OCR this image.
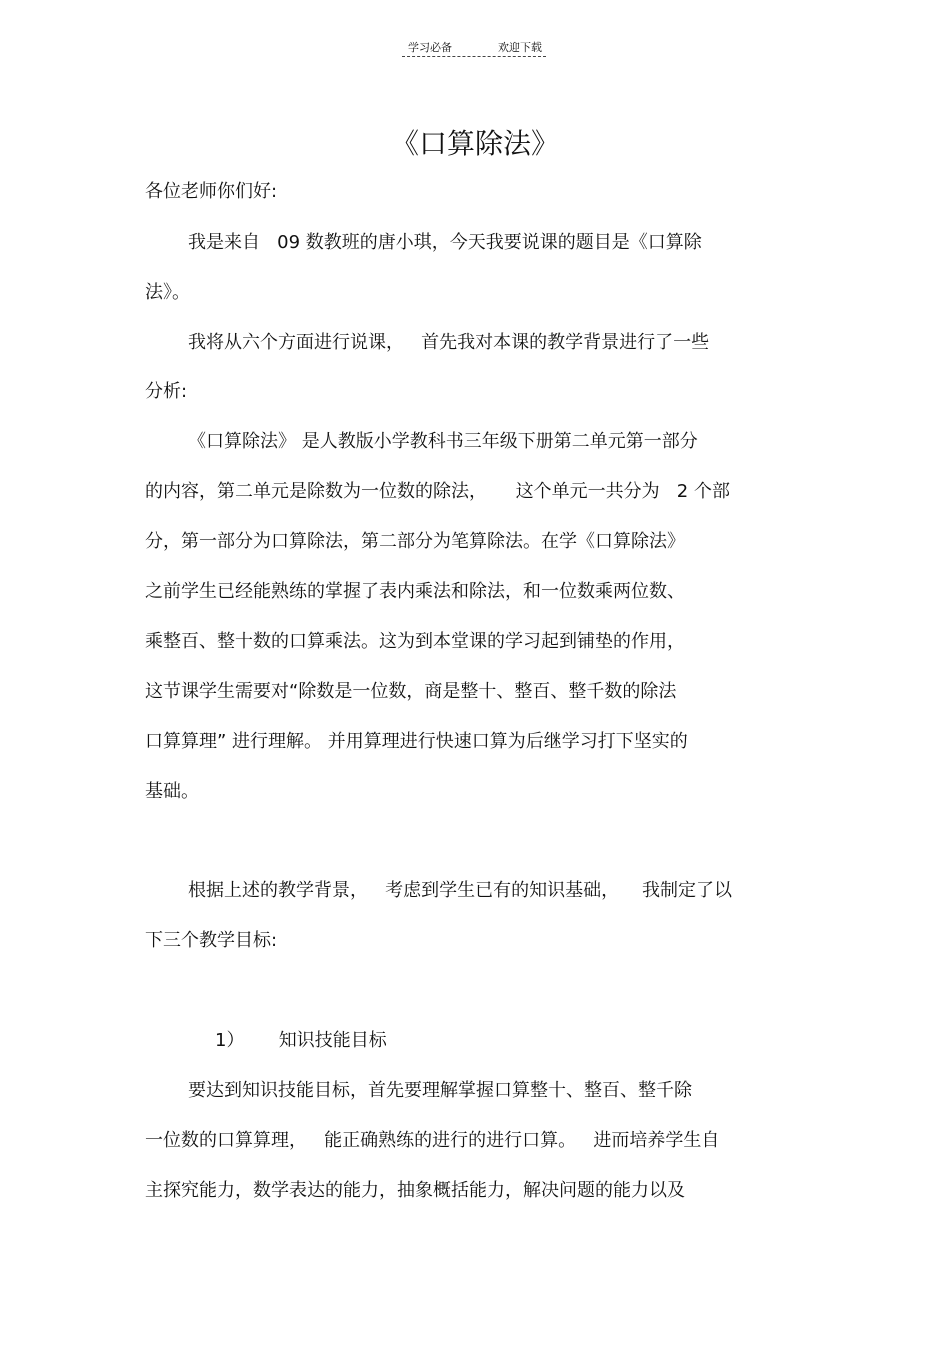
学习必备	欢迎下载
《口算除法》
各位老师你们好:
我是来自   09 数教班的唐小琪，今天我要说课的题目是《口算除
法》。
我将从六个方面进行说课，   首先我对本课的教学背景进行了一些
分析:
《口算除法》 是人教版小学教科书三年级下册第二单元第一部分
的内容，第二单元是除数为一位数的除法，     这个单元一共分为   2 个部
分，第一部分为口算除法，第二部分为笔算除法。在学《口算除法》
之前学生已经能熟练的掌握了表内乘法和除法，和一位数乘两位数、
乘整百、整十数的口算乘法。这为到本堂课的学习起到铺垫的作用，
这节课学生需要对“除数是一位数，商是整十、整百、整千数的除法
口算算理” 进行理解。 并用算理进行快速口算为后继学习打下坚实的
基础。
根据上述的教学背景，   考虑到学生已有的知识基础，    我制定了以
下三个教学目标:
1）      知识技能目标
要达到知识技能目标，首先要理解掌握口算整十、整百、整千除
一位数的口算算理，   能正确熟练的进行的进行口算。   进而培养学生自
主探究能力，数学表达的能力，抽象概括能力，解决问题的能力以及
